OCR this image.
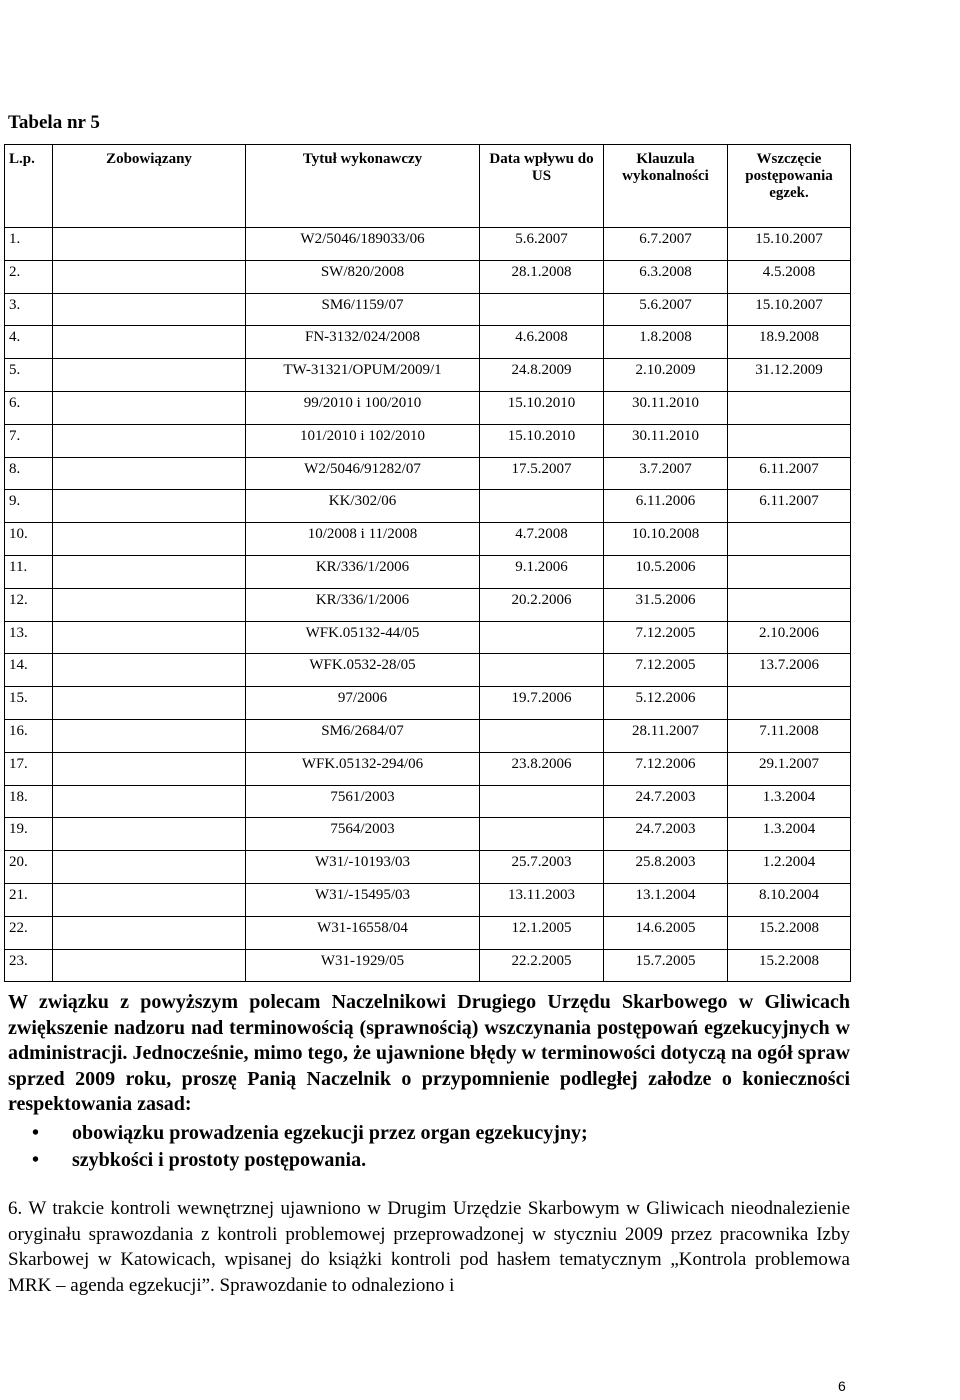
Tabela nr 5
L.p.	Zobowiązany	Tytuł wykonawczy	Data wpływu do US	Klauzula wykonalności	Wszczęcie postępowania egzek.
1.		W2/5046/189033/06	5.6.2007	6.7.2007	15.10.2007
2.		SW/820/2008	28.1.2008	6.3.2008	4.5.2008
3.		SM6/1159/07		5.6.2007	15.10.2007
4.		FN-3132/024/2008	4.6.2008	1.8.2008	18.9.2008
5.		TW-31321/OPUM/2009/1	24.8.2009	2.10.2009	31.12.2009
6.		99/2010 i 100/2010	15.10.2010	30.11.2010	
7.		101/2010 i 102/2010	15.10.2010	30.11.2010	
8.		W2/5046/91282/07	17.5.2007	3.7.2007	6.11.2007
9.		KK/302/06		6.11.2006	6.11.2007
10.		10/2008 i 11/2008	4.7.2008	10.10.2008	
11.		KR/336/1/2006	9.1.2006	10.5.2006	
12.		KR/336/1/2006	20.2.2006	31.5.2006	
13.		WFK.05132-44/05		7.12.2005	2.10.2006
14.		WFK.0532-28/05		7.12.2005	13.7.2006
15.		97/2006	19.7.2006	5.12.2006	
16.		SM6/2684/07		28.11.2007	7.11.2008
17.		WFK.05132-294/06	23.8.2006	7.12.2006	29.1.2007
18.		7561/2003		24.7.2003	1.3.2004
19.		7564/2003		24.7.2003	1.3.2004
20.		W31/-10193/03	25.7.2003	25.8.2003	1.2.2004
21.		W31/-15495/03	13.11.2003	13.1.2004	8.10.2004
22.		W31-16558/04	12.1.2005	14.6.2005	15.2.2008
23.		W31-1929/05	22.2.2005	15.7.2005	15.2.2008

W związku z powyższym polecam Naczelnikowi Drugiego Urzędu Skarbowego w Gliwicach zwiększenie nadzoru nad terminowością (sprawnością) wszczynania postępowań egzekucyjnych w administracji. Jednocześnie, mimo tego, że ujawnione błędy w terminowości dotyczą na ogół spraw sprzed 2009 roku, proszę Panią Naczelnik o przypomnienie podległej załodze o konieczności respektowania zasad:

• obowiązku prowadzenia egzekucji przez organ egzekucyjny;
• szybkości i prostoty postępowania.

6. W trakcie kontroli wewnętrznej ujawniono w Drugim Urzędzie Skarbowym w Gliwicach nieodnalezienie oryginału sprawozdania z kontroli problemowej przeprowadzonej w styczniu 2009 przez pracownika Izby Skarbowej w Katowicach, wpisanej do książki kontroli pod hasłem tematycznym „Kontrola problemowa MRK – agenda egzekucji”. Sprawozdanie to odnaleziono i

6
